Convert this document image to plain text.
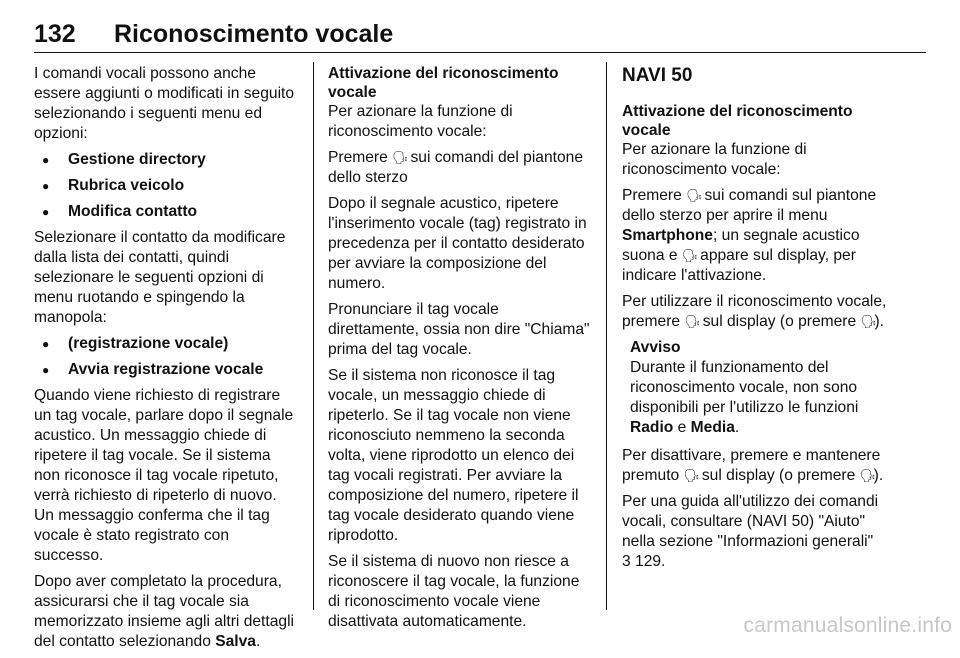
132 Riconoscimento vocale

I comandi vocali possono anche essere aggiunti o modificati in seguito selezionando i seguenti menu ed opzioni:

● Gestione directory
● Rubrica veicolo
● Modifica contatto

Selezionare il contatto da modificare dalla lista dei contatti, quindi selezionare le seguenti opzioni di menu ruotando e spingendo la manopola:

● (registrazione vocale)
● Avvia registrazione vocale

Quando viene richiesto di registrare un tag vocale, parlare dopo il segnale acustico. Un messaggio chiede di ripetere il tag vocale. Se il sistema non riconosce il tag vocale ripetuto, verrà richiesto di ripeterlo di nuovo. Un messaggio conferma che il tag vocale è stato registrato con successo.

Dopo aver completato la procedura, assicurarsi che il tag vocale sia memorizzato insieme agli altri dettagli del contatto selezionando Salva.

Attivazione del riconoscimento vocale

Per azionare la funzione di riconoscimento vocale:

Premere 🗣︎ sui comandi del piantone dello sterzo

Dopo il segnale acustico, ripetere l'inserimento vocale (tag) registrato in precedenza per il contatto desiderato per avviare la composizione del numero.

Pronunciare il tag vocale direttamente, ossia non dire "Chiama" prima del tag vocale.

Se il sistema non riconosce il tag vocale, un messaggio chiede di ripeterlo. Se il tag vocale non viene riconosciuto nemmeno la seconda volta, viene riprodotto un elenco dei tag vocali registrati. Per avviare la composizione del numero, ripetere il tag vocale desiderato quando viene riprodotto.

Se il sistema di nuovo non riesce a riconoscere il tag vocale, la funzione di riconoscimento vocale viene disattivata automaticamente.

NAVI 50
Attivazione del riconoscimento vocale

Per azionare la funzione di riconoscimento vocale:

Premere 🗣︎ sui comandi sul piantone dello sterzo per aprire il menu Smartphone; un segnale acustico suona e 🗣︎ appare sul display, per indicare l'attivazione.

Per utilizzare il riconoscimento vocale, premere 🗣︎ sul display (o premere 🗣︎).

Avviso
Durante il funzionamento del riconoscimento vocale, non sono disponibili per l'utilizzo le funzioni Radio e Media.

Per disattivare, premere e mantenere premuto 🗣︎ sul display (o premere 🗣︎).

Per una guida all'utilizzo dei comandi vocali, consultare (NAVI 50) "Aiuto" nella sezione "Informazioni generali"
3 129.

carmanualsonline.info
